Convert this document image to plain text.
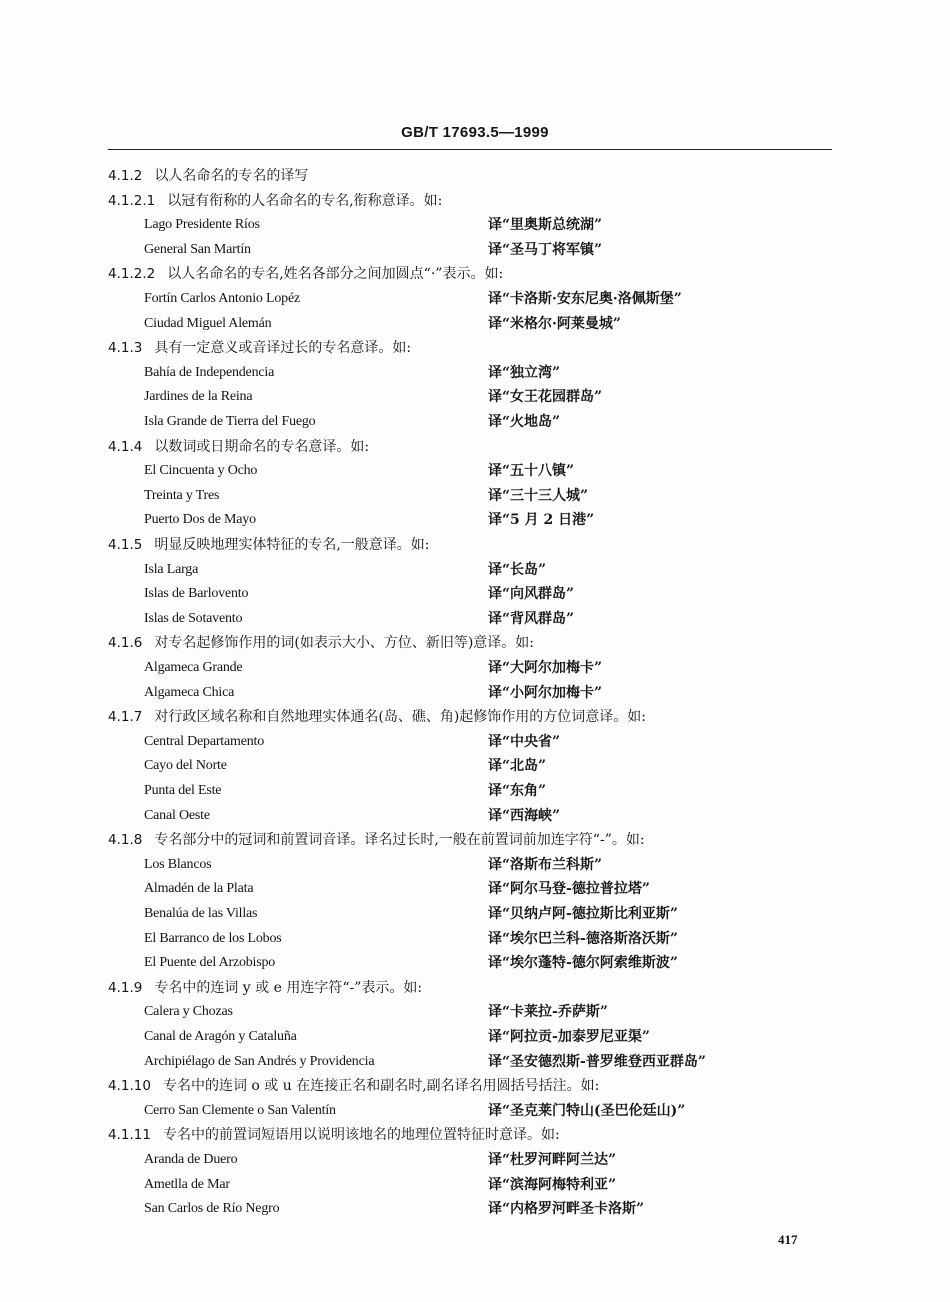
GB/T 17693.5—1999
4.1.2 以人名命名的专名的译写
4.1.2.1 以冠有衔称的人名命名的专名,衔称意译。如:
Lago Presidente Ríos	译“里奥斯总统湖”
General San Martín	译“圣马丁将军镇”
4.1.2.2 以人名命名的专名,姓名各部分之间加圆点“·”表示。如:
Fortín Carlos Antonio Lopéz	译“卡洛斯·安东尼奥·洛佩斯堡”
Ciudad Miguel Alemán	译“米格尔·阿莱曼城”
4.1.3 具有一定意义或音译过长的专名意译。如:
Bahía de Independencia	译“独立湾”
Jardines de la Reina	译“女王花园群岛”
Isla Grande de Tierra del Fuego	译“火地岛”
4.1.4 以数词或日期命名的专名意译。如:
El Cincuenta y Ocho	译“五十八镇”
Treinta y Tres	译“三十三人城”
Puerto Dos de Mayo	译“5 月 2 日港”
4.1.5 明显反映地理实体特征的专名,一般意译。如:
Isla Larga	译“长岛”
Islas de Barlovento	译“向风群岛”
Islas de Sotavento	译“背风群岛”
4.1.6 对专名起修饰作用的词(如表示大小、方位、新旧等)意译。如:
Algameca Grande	译“大阿尔加梅卡”
Algameca Chica	译“小阿尔加梅卡”
4.1.7 对行政区域名称和自然地理实体通名(岛、礁、角)起修饰作用的方位词意译。如:
Central Departamento	译“中央省”
Cayo del Norte	译“北岛”
Punta del Este	译“东角”
Canal Oeste	译“西海峡”
4.1.8 专名部分中的冠词和前置词音译。译名过长时,一般在前置词前加连字符“-”。如:
Los Blancos	译“洛斯布兰科斯”
Almadén de la Plata	译“阿尔马登-德拉普拉塔”
Benalúa de las Villas	译“贝纳卢阿-德拉斯比利亚斯”
El Barranco de los Lobos	译“埃尔巴兰科-德洛斯洛沃斯”
El Puente del Arzobispo	译“埃尔蓬特-德尔阿索维斯波”
4.1.9 专名中的连词 y 或 e 用连字符“-”表示。如:
Calera y Chozas	译“卡莱拉-乔萨斯”
Canal de Aragón y Cataluña	译“阿拉贡-加泰罗尼亚渠”
Archipiélago de San Andrés y Providencia	译“圣安德烈斯-普罗维登西亚群岛”
4.1.10 专名中的连词 o 或 u 在连接正名和副名时,副名译名用圆括号括注。如:
Cerro San Clemente o San Valentín	译“圣克莱门特山(圣巴伦廷山)”
4.1.11 专名中的前置词短语用以说明该地名的地理位置特征时意译。如:
Aranda de Duero	译“杜罗河畔阿兰达”
Ametlla de Mar	译“滨海阿梅特利亚”
San Carlos de Río Negro	译“内格罗河畔圣卡洛斯”
417
